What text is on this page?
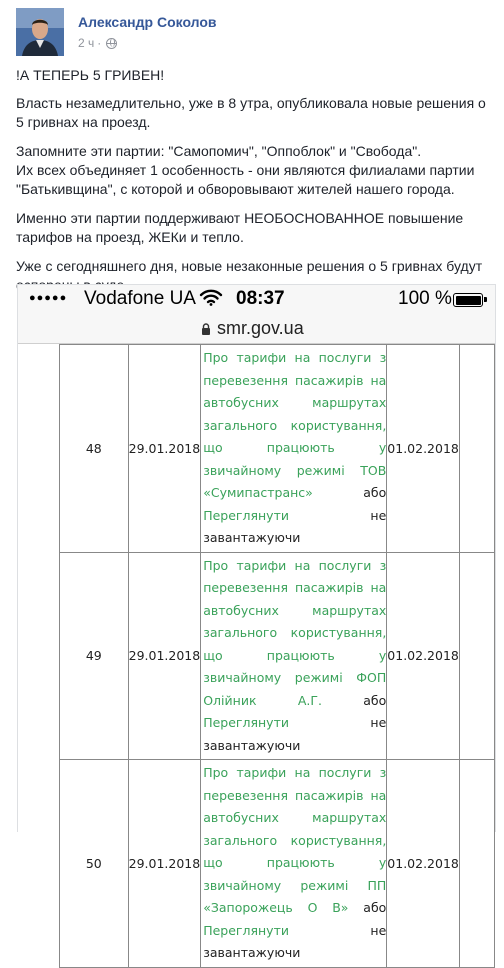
Александр Соколов
2 ч ·

!А ТЕПЕРЬ 5 ГРИВЕН!

Власть незамедлительно, уже в 8 утра, опубликовала новые решения о 5 гривнах на проезд.

Запомните эти партии: "Самопомич", "Оппоблок" и "Свобода".
Их всех объединяет 1 особенность - они являются филиалами партии "Батькивщина", с которой и обворовывают жителей нашего города.

Именно эти партии поддерживают НЕОБОСНОВАННОЕ повышение тарифов на проезд, ЖЕКи и тепло.

Уже с сегодняшнего дня, новые незаконные решения о 5 гривнах будут

●●●●● Vodafone UA 08:37	100 %
smr.gov.ua
48	29.01.2018	Про тарифи на послуги з перевезення пасажирів на автобусних маршрутах загального користування, що працюють у звичайному режимі ТОВ «Сумипастранс» або Переглянути не завантажуючи	01.02.2018	
49	29.01.2018	Про тарифи на послуги з перевезення пасажирів на автобусних маршрутах загального користування, що працюють у звичайному режимі ФОП Олійник А.Г. або Переглянути не завантажуючи	01.02.2018	
50	29.01.2018	Про тарифи на послуги з перевезення пасажирів на автобусних маршрутах загального користування, що працюють у звичайному режимі ПП «Запорожець О В» або Переглянути не завантажуючи	01.02.2018	
